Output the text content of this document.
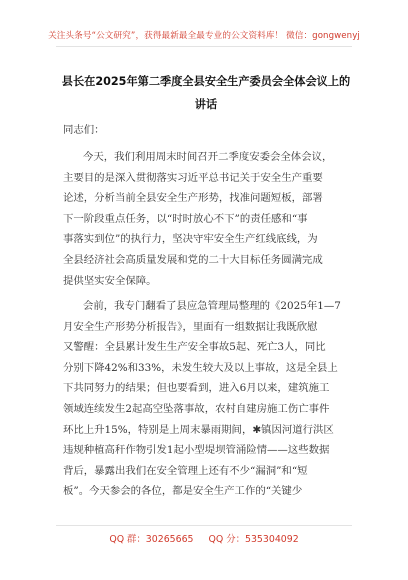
关注头条号“公文研究”，获得最新最全最专业的公文资料库！ 微信：gongwenyj
县长在2025年第二季度全县安全生产委员会全体会议上的
讲话
同志们：
今天，我们利用周末时间召开二季度安委会全体会议，
主要目的是深入贯彻落实习近平总书记关于安全生产重要
论述，分析当前全县安全生产形势，找准问题短板，部署
下一阶段重点任务，以“时时放心不下”的责任感和“事
事落实到位”的执行力，坚决守牢安全生产红线底线，为
全县经济社会高质量发展和党的二十大目标任务圆满完成
提供坚实安全保障。
会前，我专门翻看了县应急管理局整理的《2025年1—7
月安全生产形势分析报告》，里面有一组数据让我既欣慰
又警醒：全县累计发生生产安全事故5起、死亡3人，同比
分别下降42%和33%，未发生较大及以上事故，这是全县上
下共同努力的结果；但也要看到，进入6月以来，建筑施工
领域连续发生2起高空坠落事故，农村自建房施工伤亡事件
环比上升15%，特别是上周末暴雨期间，✱镇因河道行洪区
违规种植高秆作物引发1起小型堤坝管涌险情——这些数据
背后，暴露出我们在安全管理上还有不少“漏洞”和“短
板”。今天参会的各位，都是安全生产工作的“关键少
QQ 群：30265665 QQ 分：535304092
